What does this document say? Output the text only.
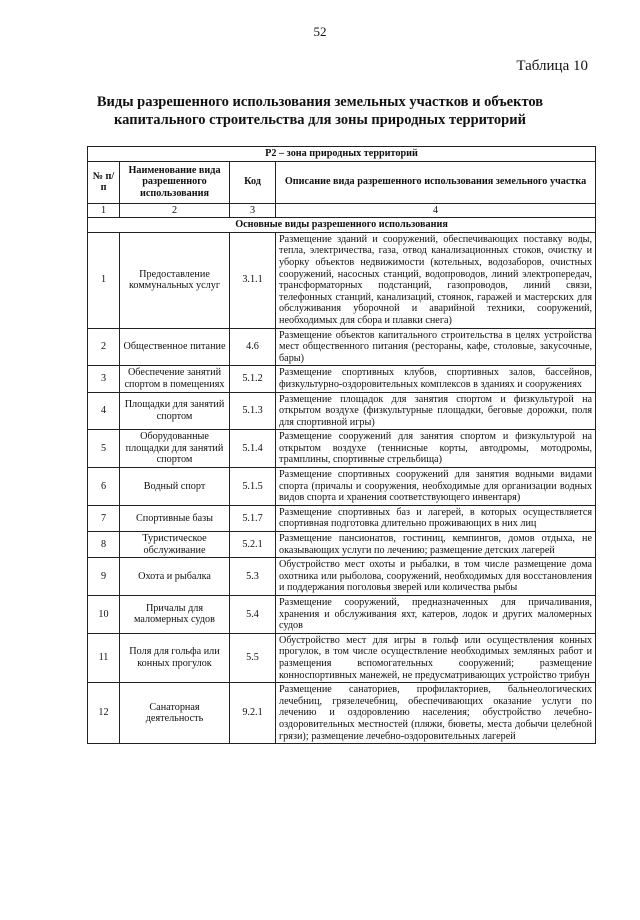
52
Таблица 10
Виды разрешенного использования земельных участков и объектов
капитального строительства для зоны природных территорий
Р2 – зона природных территорий			
№ п/п	Наименование вида разрешенного использования	Код	Описание вида разрешенного использования земельного участка
1	2	3	4
Основные виды разрешенного использования			
1	Предоставление коммунальных услуг	3.1.1	Размещение зданий и сооружений, обеспечивающих поставку воды, тепла, электричества, газа, отвод канализационных стоков, очистку и уборку объектов недвижимости (котельных, водозаборов, очистных сооружений, насосных станций, водопроводов, линий электропередач, трансформаторных подстанций, газопроводов, линий связи, телефонных станций, канализаций, стоянок, гаражей и мастерских для обслуживания уборочной и аварийной техники, сооружений, необходимых для сбора и плавки снега)
2	Общественное питание	4.6	Размещение объектов капитального строительства в целях устройства мест общественного питания (рестораны, кафе, столовые, закусочные, бары)
3	Обеспечение занятий спортом в помещениях	5.1.2	Размещение спортивных клубов, спортивных залов, бассейнов, физкультурно-оздоровительных комплексов в зданиях и сооружениях
4	Площадки для занятий спортом	5.1.3	Размещение площадок для занятия спортом и физкультурой на открытом воздухе (физкультурные площадки, беговые дорожки, поля для спортивной игры)
5	Оборудованные площадки для занятий спортом	5.1.4	Размещение сооружений для занятия спортом и физкультурой на открытом воздухе (теннисные корты, автодромы, мотодромы, трамплины, спортивные стрельбища)
6	Водный спорт	5.1.5	Размещение спортивных сооружений для занятия водными видами спорта (причалы и сооружения, необходимые для организации водных видов спорта и хранения соответствующего инвентаря)
7	Спортивные базы	5.1.7	Размещение спортивных баз и лагерей, в которых осуществляется спортивная подготовка длительно проживающих в них лиц
8	Туристическое обслуживание	5.2.1	Размещение пансионатов, гостиниц, кемпингов, домов отдыха, не оказывающих услуги по лечению; размещение детских лагерей
9	Охота и рыбалка	5.3	Обустройство мест охоты и рыбалки, в том числе размещение дома охотника или рыболова, сооружений, необходимых для восстановления и поддержания поголовья зверей или количества рыбы
10	Причалы для маломерных судов	5.4	Размещение сооружений, предназначенных для причаливания, хранения и обслуживания яхт, катеров, лодок и других маломерных судов
11	Поля для гольфа или конных прогулок	5.5	Обустройство мест для игры в гольф или осуществления конных прогулок, в том числе осуществление необходимых земляных работ и размещения вспомогательных сооружений; размещение конноспортивных манежей, не предусматривающих устройство трибун
12	Санаторная деятельность	9.2.1	Размещение санаториев, профилакториев, бальнеологических лечебниц, грязелечебниц, обеспечивающих оказание услуги по лечению и оздоровлению населения; обустройство лечебно-оздоровительных местностей (пляжи, бюветы, места добычи целебной грязи); размещение лечебно-оздоровительных лагерей
